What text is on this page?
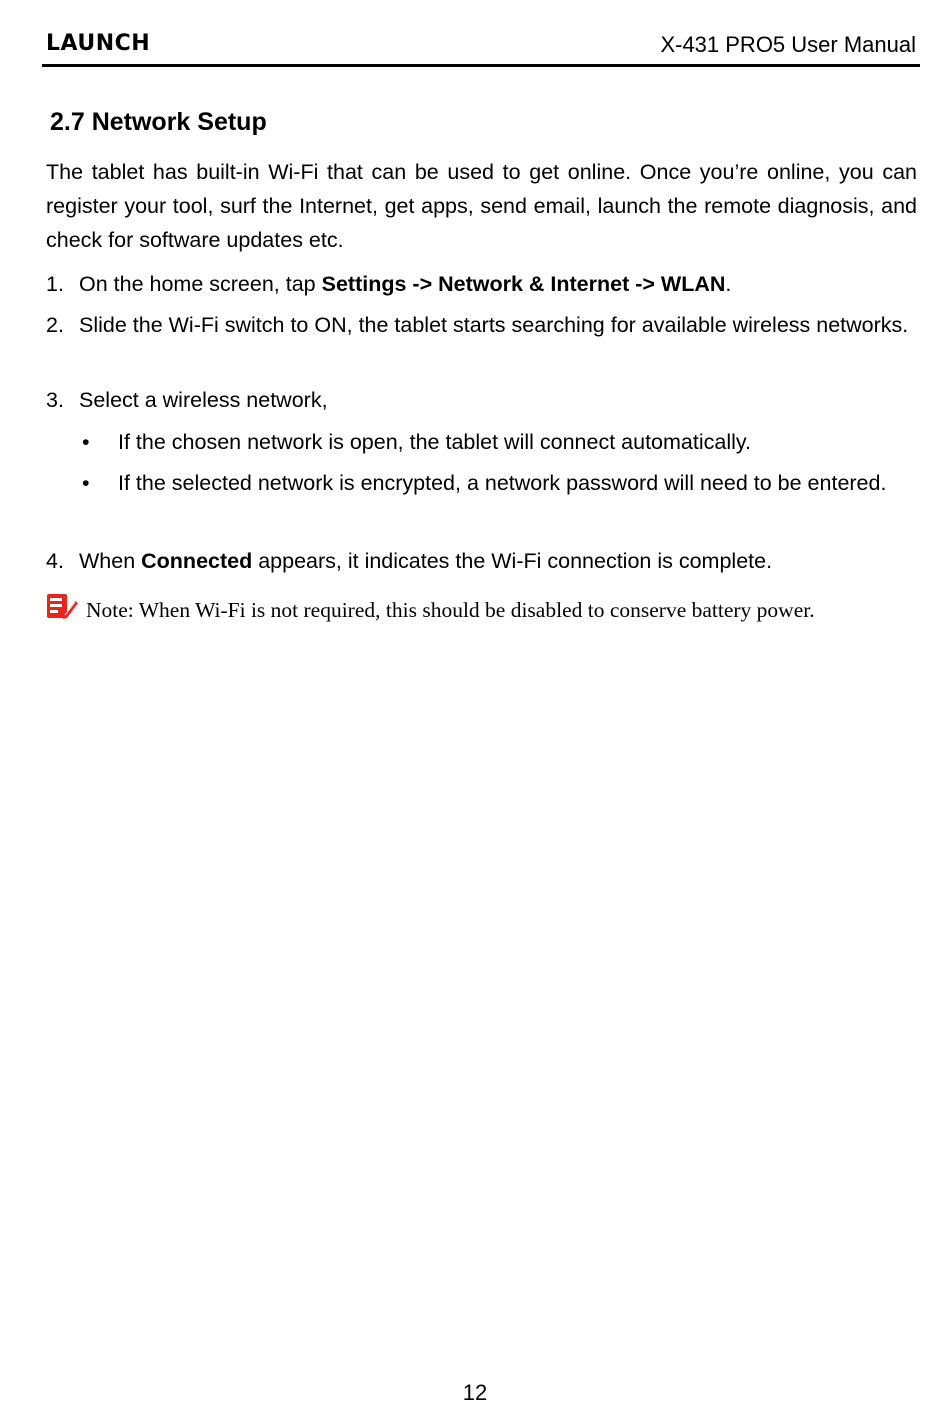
LAUNCH	X-431 PRO5 User Manual
2.7 Network Setup

The tablet has built-in Wi-Fi that can be used to get online. Once you’re online, you can register your tool, surf the Internet, get apps, send email, launch the remote diagnosis, and check for software updates etc.

1. On the home screen, tap Settings -> Network & Internet -> WLAN.
2. Slide the Wi-Fi switch to ON, the tablet starts searching for available wireless networks.
3. Select a wireless network,
• If the chosen network is open, the tablet will connect automatically.
• If the selected network is encrypted, a network password will need to be entered.
4. When Connected appears, it indicates the Wi-Fi connection is complete.
Note: When Wi-Fi is not required, this should be disabled to conserve battery power.
12
